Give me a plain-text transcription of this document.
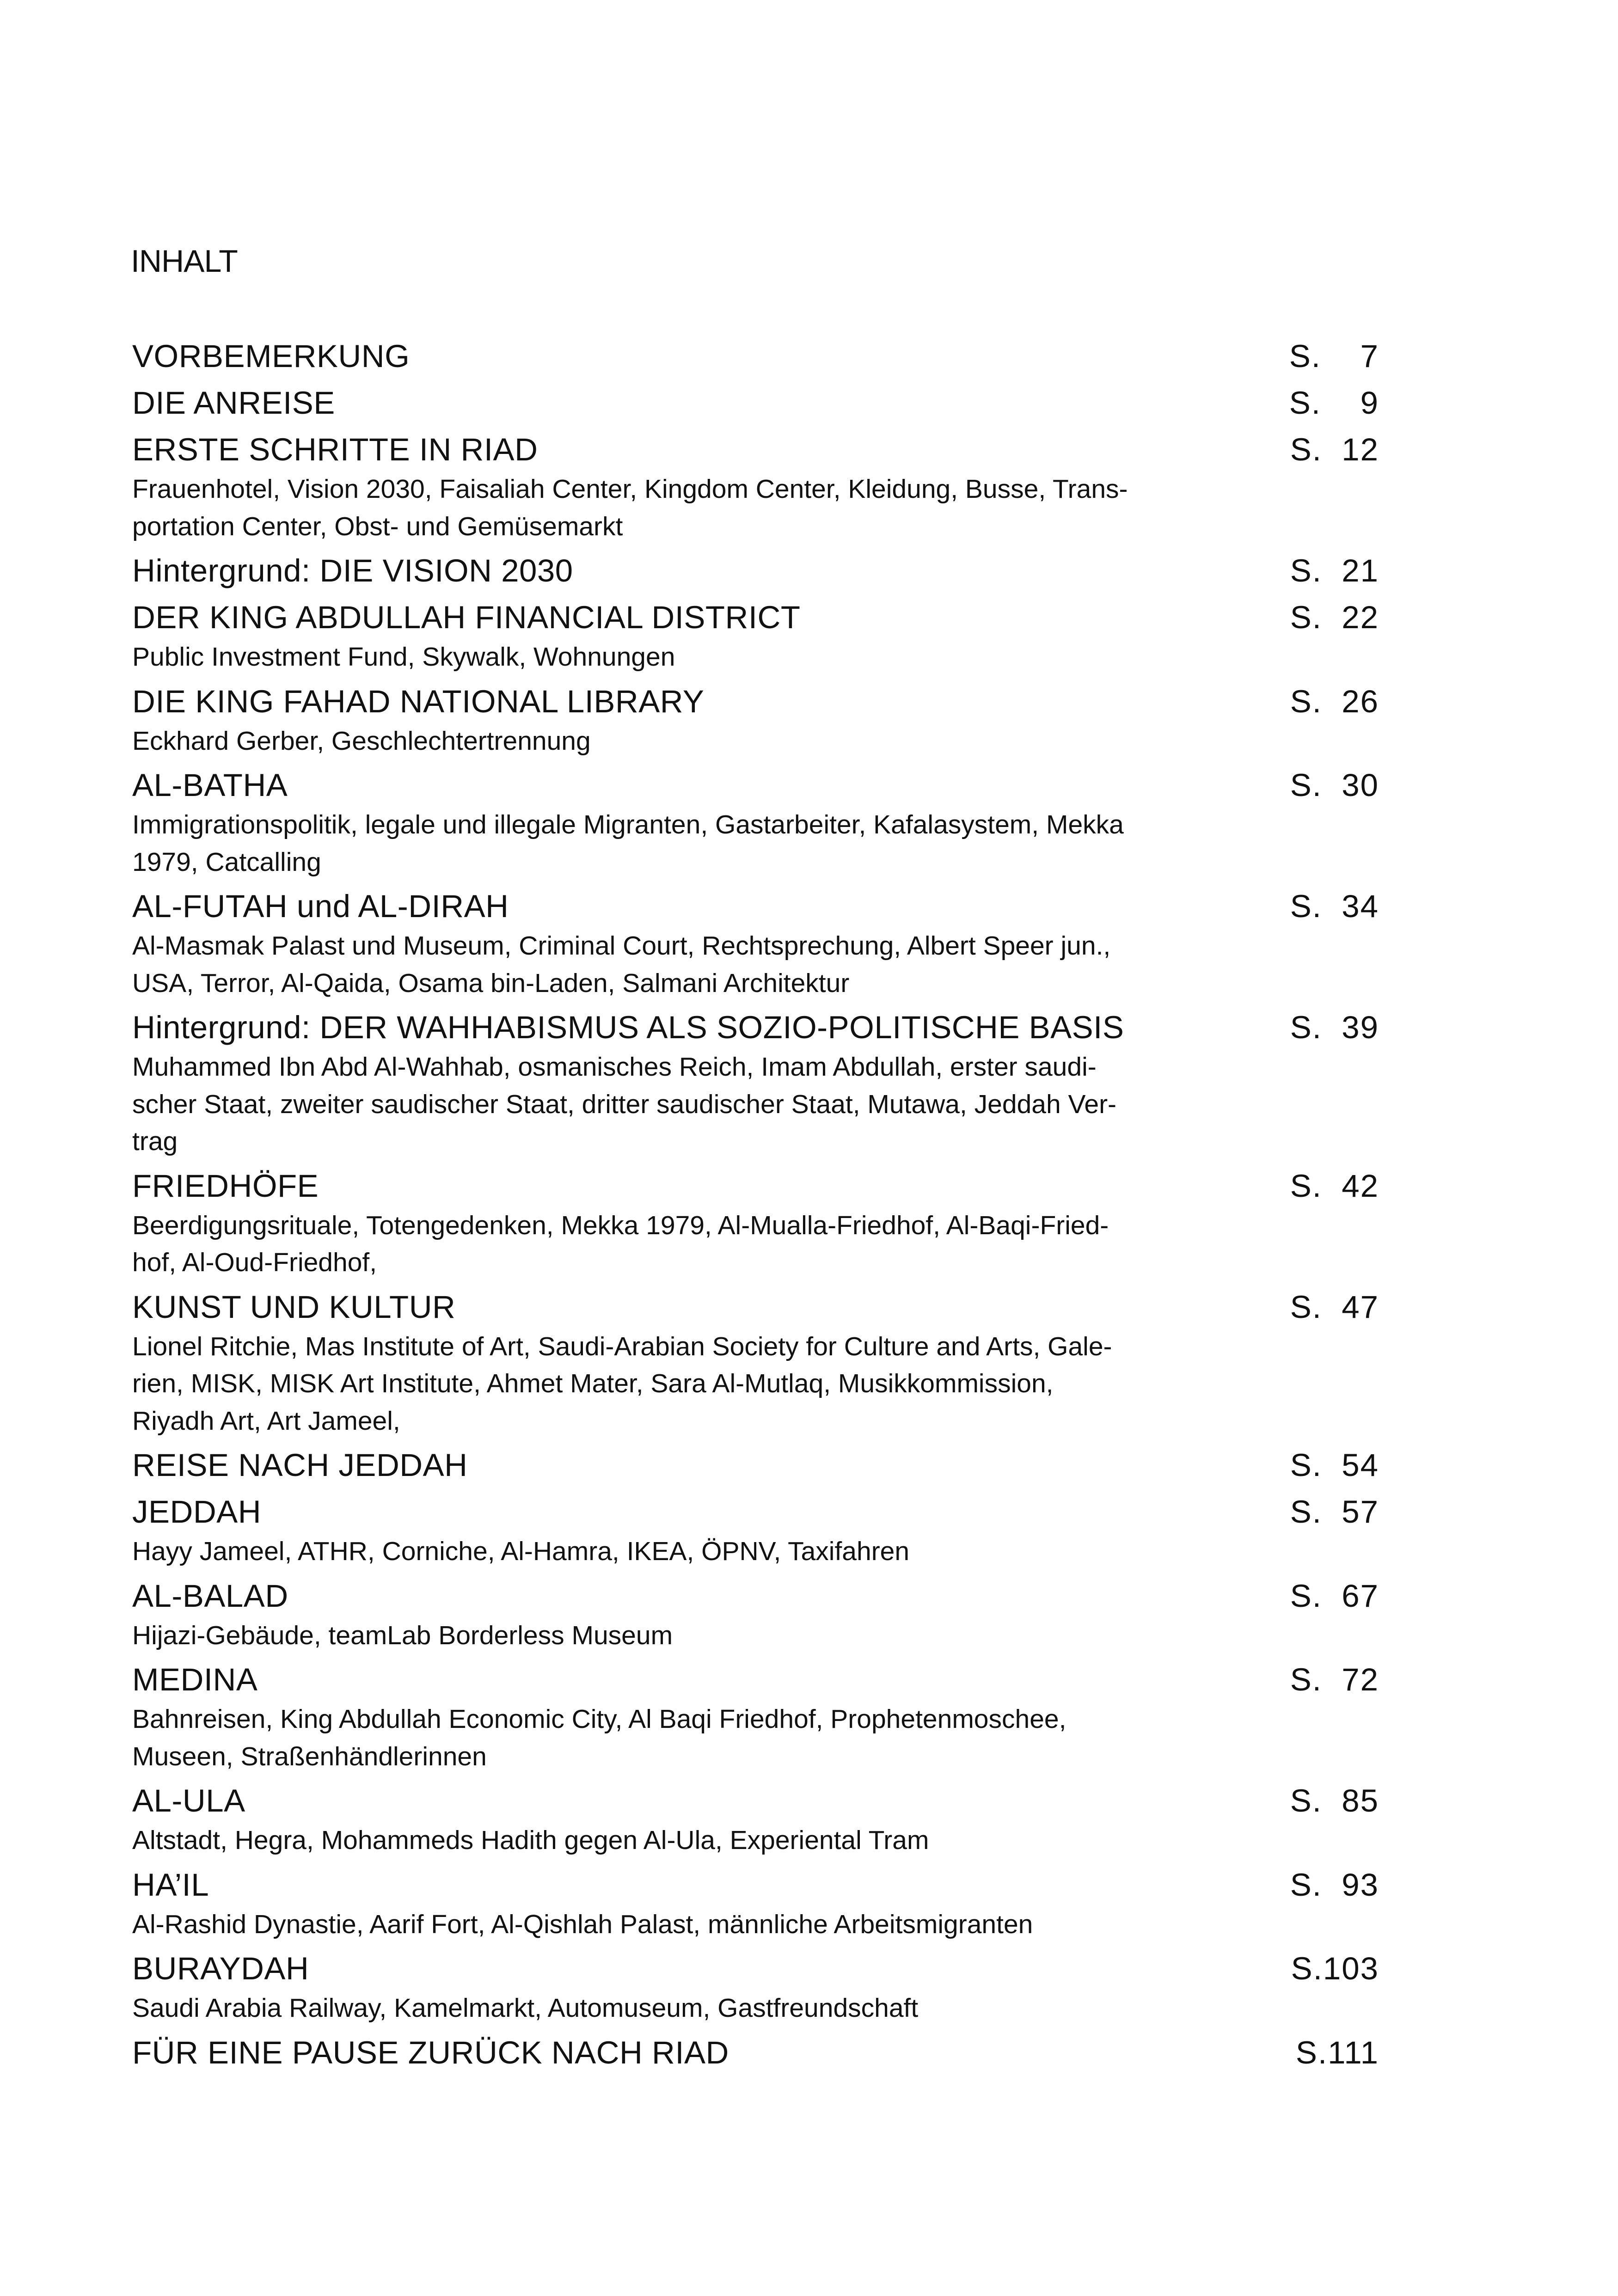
INHALT
VORBEMERKUNG	S.    7
DIE ANREISE	S.    9
ERSTE SCHRITTE IN RIAD	S.  12
Frauenhotel, Vision 2030, Faisaliah Center, Kingdom Center, Kleidung, Busse, Trans-
portation Center, Obst- und Gemüsemarkt
Hintergrund: DIE VISION 2030	S.  21
DER KING ABDULLAH FINANCIAL DISTRICT	S.  22
Public Investment Fund, Skywalk, Wohnungen
DIE KING FAHAD NATIONAL LIBRARY	S.  26
Eckhard Gerber, Geschlechtertrennung
AL-BATHA	S.  30
Immigrationspolitik, legale und illegale Migranten, Gastarbeiter, Kafalasystem, Mekka
1979, Catcalling
AL-FUTAH und AL-DIRAH	S.  34
Al-Masmak Palast und Museum, Criminal Court, Rechtsprechung, Albert Speer jun.,
USA, Terror, Al-Qaida, Osama bin-Laden, Salmani Architektur
Hintergrund: DER WAHHABISMUS ALS SOZIO-POLITISCHE BASIS	S.  39
Muhammed Ibn Abd Al-Wahhab, osmanisches Reich, Imam Abdullah, erster saudi-
scher Staat, zweiter saudischer Staat, dritter saudischer Staat, Mutawa, Jeddah Ver-
trag
FRIEDHÖFE	S.  42
Beerdigungsrituale, Totengedenken, Mekka 1979, Al-Mualla-Friedhof, Al-Baqi-Fried-
hof, Al-Oud-Friedhof,
KUNST UND KULTUR	S.  47
Lionel Ritchie, Mas Institute of Art, Saudi-Arabian Society for Culture and Arts, Gale-
rien, MISK, MISK Art Institute, Ahmet Mater, Sara Al-Mutlaq, Musikkommission,
Riyadh Art, Art Jameel,
REISE NACH JEDDAH	S.  54
JEDDAH	S.  57
Hayy Jameel, ATHR, Corniche, Al-Hamra, IKEA, ÖPNV, Taxifahren
AL-BALAD	S.  67
Hijazi-Gebäude, teamLab Borderless Museum
MEDINA	S.  72
Bahnreisen, King Abdullah Economic City, Al Baqi Friedhof, Prophetenmoschee,
Museen, Straßenhändlerinnen
AL-ULA	S.  85
Altstadt, Hegra, Mohammeds Hadith gegen Al-Ula, Experiental Tram
HA’IL	S.  93
Al-Rashid Dynastie, Aarif Fort, Al-Qishlah Palast, männliche Arbeitsmigranten
BURAYDAH	S.103
Saudi Arabia Railway, Kamelmarkt, Automuseum, Gastfreundschaft
FÜR EINE PAUSE ZURÜCK NACH RIAD	S.111
